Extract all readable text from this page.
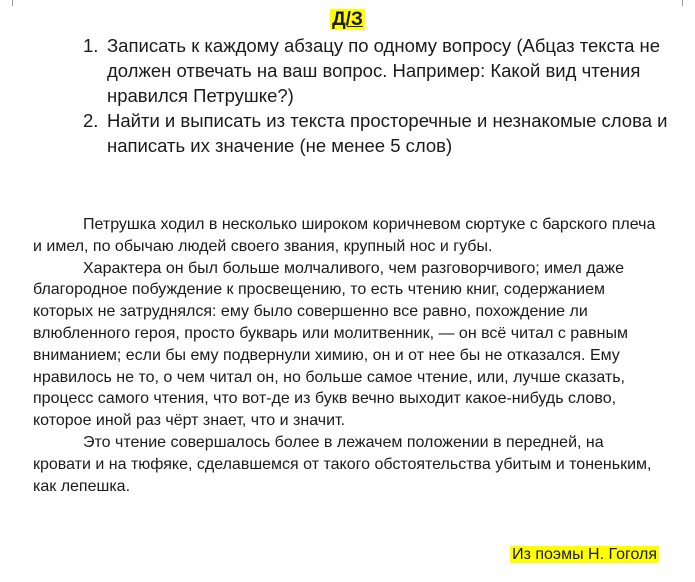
Д/З
1. Записать к каждому абзацу по одному вопросу (Абцаз текста не должен отвечать на ваш вопрос. Например: Какой вид чтения нравился Петрушке?)
2. Найти и выписать из текста просторечные и незнакомые слова и написать их значение (не менее 5 слов)

Петрушка ходил в несколько широком коричневом сюртуке с барского плеча и имел, по обычаю людей своего звания, крупный нос и губы.

Характера он был больше молчаливого, чем разговорчивого; имел даже благородное побуждение к просвещению, то есть чтению книг, содержанием которых не затруднялся: ему было совершенно все равно, похождение ли влюбленного героя, просто букварь или молитвенник, — он всё читал с равным вниманием; если бы ему подвернули химию, он и от нее бы не отказался. Ему нравилось не то, о чем читал он, но больше самое чтение, или, лучше сказать, процесс самого чтения, что вот-де из букв вечно выходит какое-нибудь слово, которое иной раз чёрт знает, что и значит.

Это чтение совершалось более в лежачем положении в передней, на кровати и на тюфяке, сделавшемся от такого обстоятельства убитым и тоненьким, как лепешка.

Из поэмы Н. Гоголя
